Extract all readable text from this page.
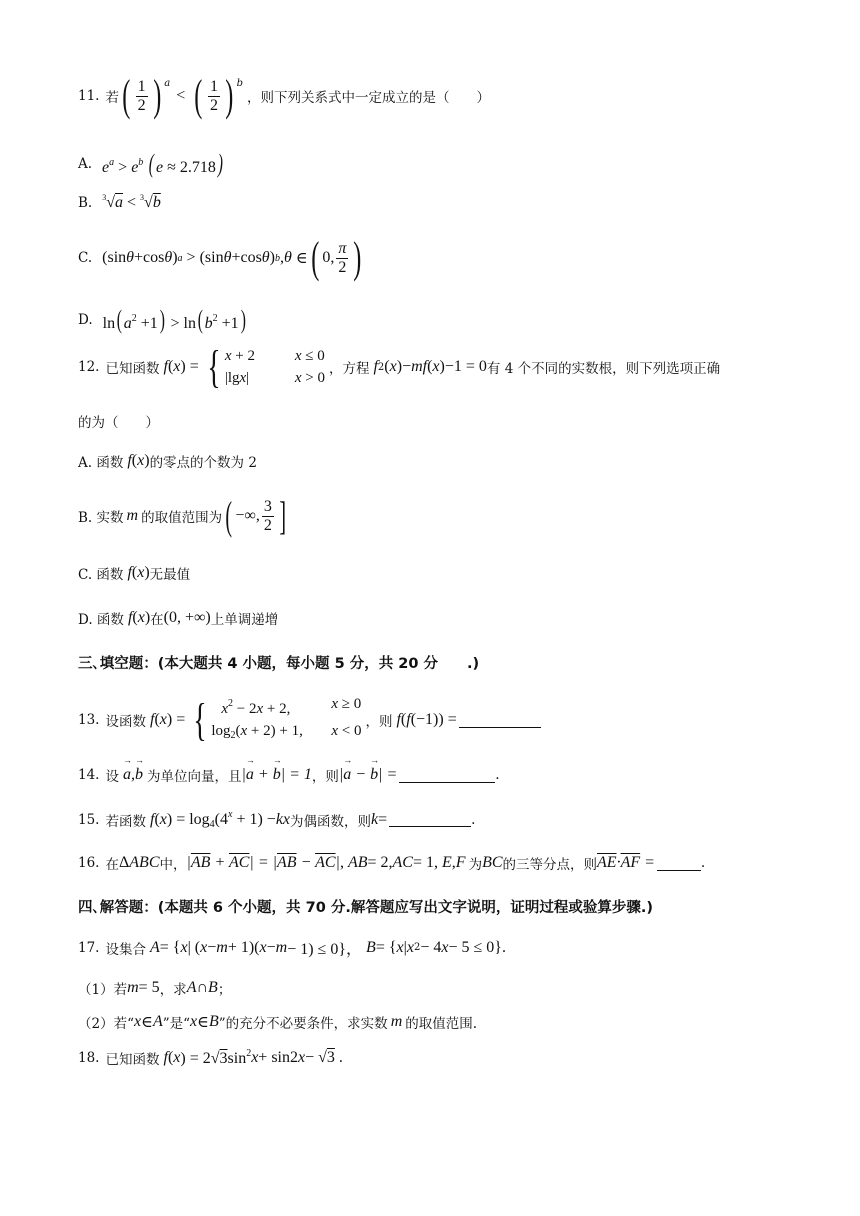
11. 若 ( $\frac{1}{2}$ ) $^a$
< ( $\frac{1}{2}$ ) $^b$
，则下列关系式中一定成立的是（　　）
A. $e^a > e^b$ ( e ≈ 2.718)
B. $^3$√a < $^3$√b
C. (sin θ +cos θ ) a > (sin θ +cos θ ) b , θ ∈ ( 0, $\frac{\pi}{2}$ )
D. ln( $a^2 +1) > \ln$( $b^2 +1$)
12. 已知函数 f ( x ) = { x + 2	x ≤ 0
|lgx|	x > 0
，方程 f 2 ( x )− mf ( x )−1 = 0 有 4 个不同的实数根，则下列选项正确
的为（　　）
A. 函数 f ( x ) 的零点的个数为 2
B. 实数 m 的取值范围为 ( −∞, $\frac{3}{2}$ ]
C. 函数 f ( x ) 无最值
D. 函数 f ( x ) 在 (0, +∞) 上单调递增
三､填空题：(本大题共 4 小题，每小题 5 分，共 20 分　　.)
13. 设函数 f ( x ) = { $x^2 - 2x + 2$,	x ≥ 0
$\log_2(x + 2) + 1$,	x < 0
，则 f ( f (−1)) =
14. 设 → a,→ b 为单位向量，且 |→ a + → b| = 1 ，则 |→ a − → b| =	.
15. 若函数 f ( x ) = $\log_4(4^x + 1)$ − kx 为偶函数，则 k =	.
16. 在 Δ ABC 中， $|\overline{AB} + \overline{AC}| = |\overline{AB} - \overline{AC}|$ , AB = 2, AC = 1, E , F 为 BC 的三等分点，则 $\overline{AE}\cdot\overline{AF}$ =	.
四､解答题：(本题共 6 个小题，共 70 分.解答题应写出文字说明，证明过程或验算步骤.)
17. 设集合 A = { x | ( x − m + 1)( x − m − 1) ≤ 0}， B = { x | x 2 − 4 x − 5 ≤ 0}.
（1）若 m = 5 ，求 A ∩ B ；
（2）若“ x ∈ A ”是“ x ∈ B ”的充分不必要条件，求实数 m 的取值范围.
18. 已知函数 f ( x ) = $2√3\sin^2$ x + sin2 x − √3 .
